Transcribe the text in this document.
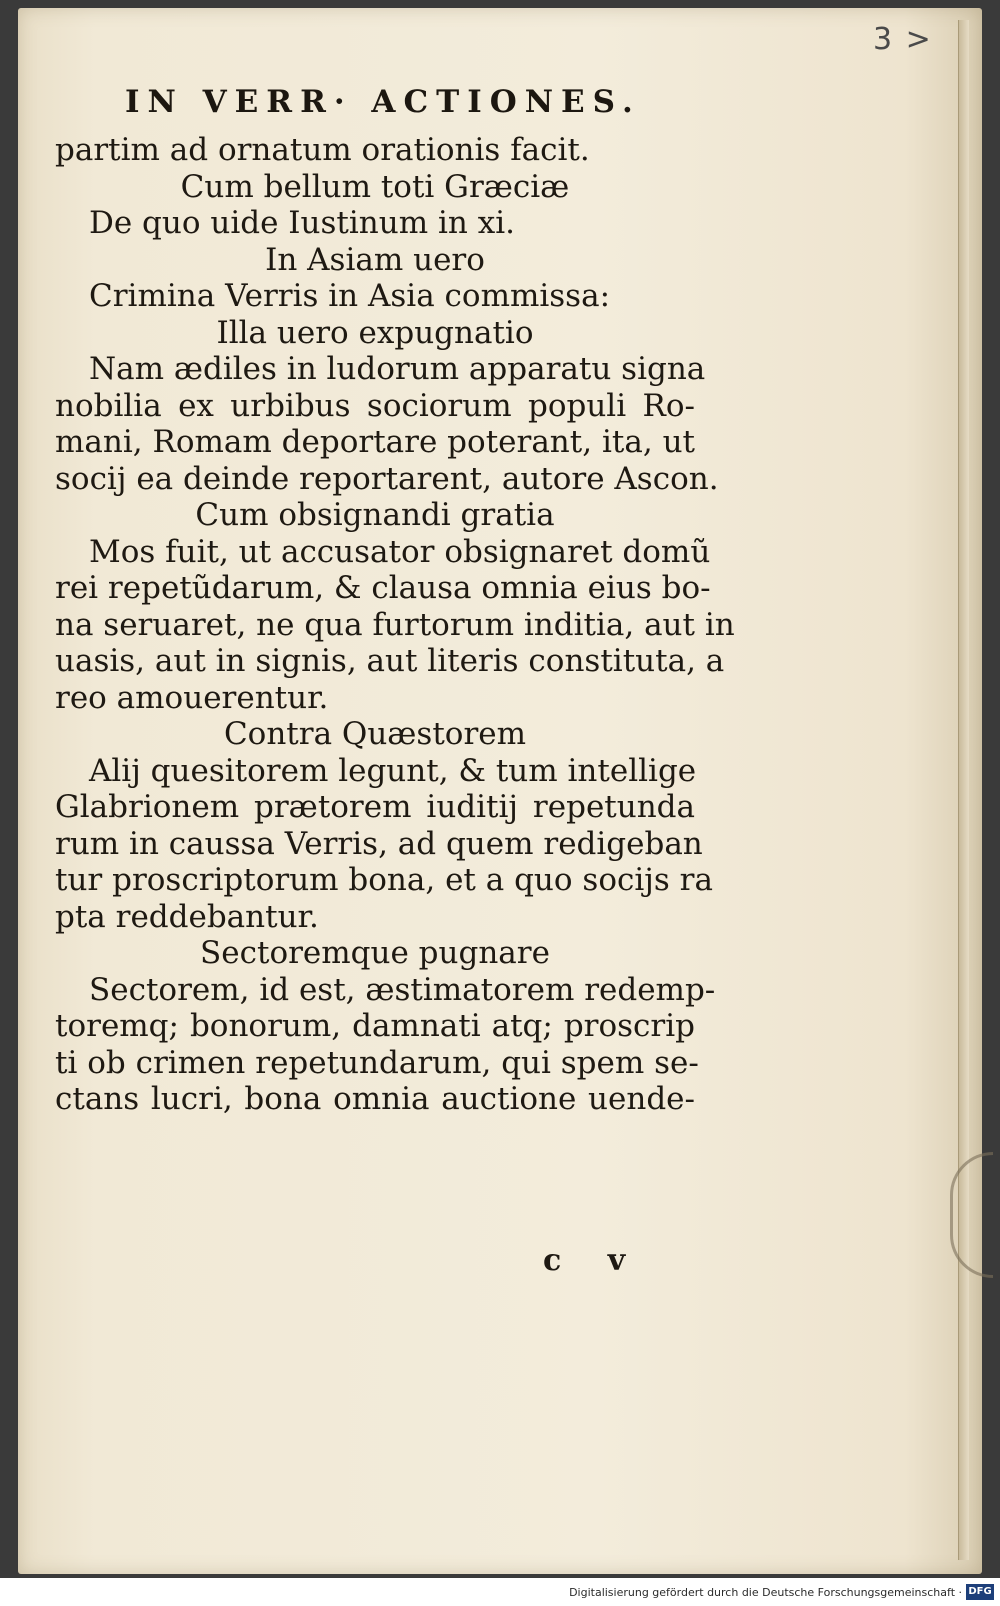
3 >
IN VERR· ACTIONES.
partim ad ornatum orationis facit.
Cum bellum toti Græciæ
De quo uide Iustinum in xi.
In Asiam uero
Crimina Verris in Asia commissa:
Illa uero expugnatio
Nam ædiles in ludorum apparatu signa
nobilia ex urbibus sociorum populi Ro-
mani, Romam deportare poterant, ita, ut
socij ea deinde reportarent, autore Ascon.
Cum obsignandi gratia
Mos fuit, ut accusator obsignaret domũ
rei repetũdarum, & clausa omnia eius bo-
na seruaret, ne qua furtorum inditia, aut in
uasis, aut in signis, aut literis constituta, a
reo amouerentur.
Contra Quæstorem
Alij quesitorem legunt, & tum intellige
Glabrionem prætorem iuditij repetunda
rum in caussa Verris, ad quem redigeban
tur proscriptorum bona, et a quo socijs ra
pta reddebantur.
Sectoremque pugnare
Sectorem, id est, æstimatorem redemp-
toremq; bonorum, damnati atq; proscrip
ti ob crimen repetundarum, qui spem se-
ctans lucri, bona omnia auctione uende-
c v
Digitalisierung gefördert durch die Deutsche Forschungsgemeinschaft · DFG
